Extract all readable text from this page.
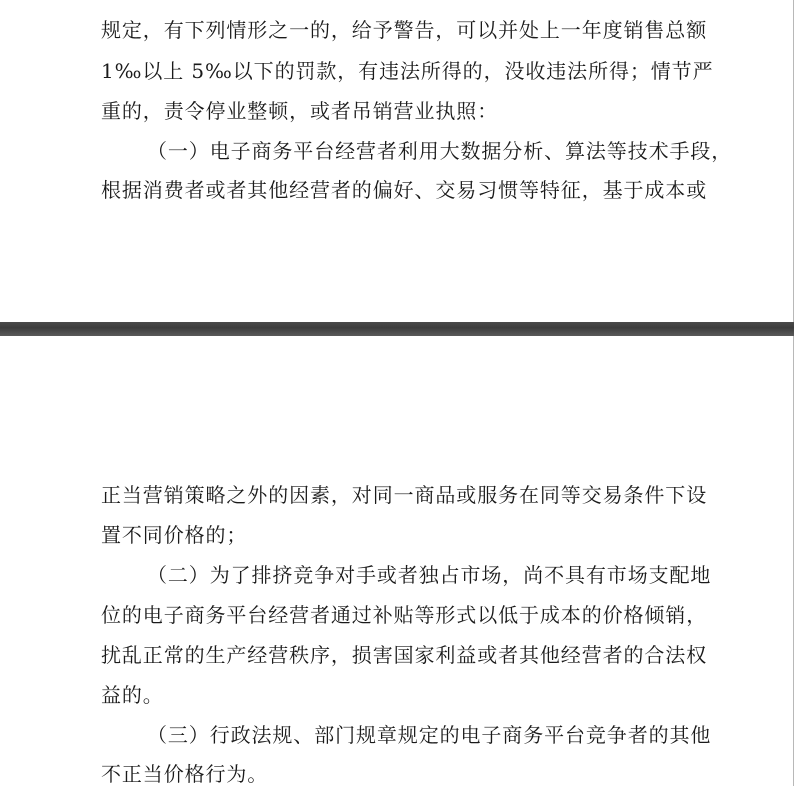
规定，有下列情形之一的，给予警告，可以并处上一年度销售总额
1‰以上 5‰以下的罚款，有违法所得的，没收违法所得；情节严
重的，责令停业整顿，或者吊销营业执照：
（一）电子商务平台经营者利用大数据分析、算法等技术手段，
根据消费者或者其他经营者的偏好、交易习惯等特征，基于成本或
正当营销策略之外的因素，对同一商品或服务在同等交易条件下设
置不同价格的；
（二）为了排挤竞争对手或者独占市场，尚不具有市场支配地
位的电子商务平台经营者通过补贴等形式以低于成本的价格倾销，
扰乱正常的生产经营秩序，损害国家利益或者其他经营者的合法权
益的。
（三）行政法规、部门规章规定的电子商务平台竞争者的其他
不正当价格行为。
